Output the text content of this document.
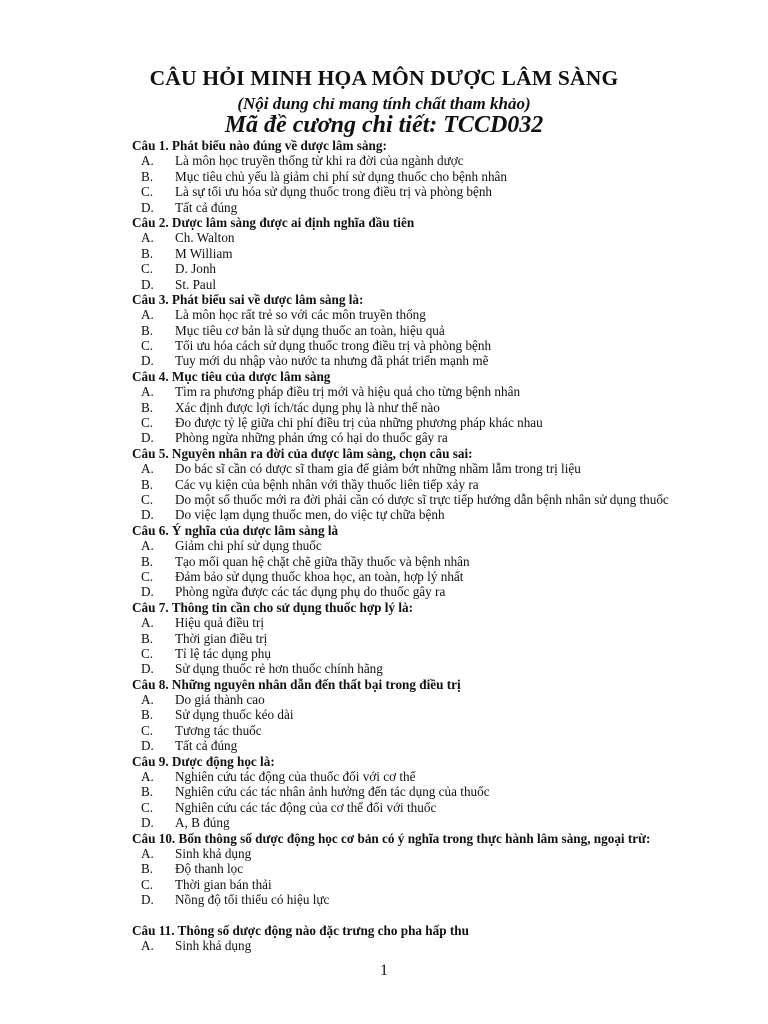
CÂU HỎI MINH HỌA MÔN DƯỢC LÂM SÀNG
(Nội dung chỉ mang tính chất tham khảo)
Mã đề cương chi tiết: TCCD032
Câu 1. Phát biểu nào đúng về dược lâm sàng:
A.	Là môn học truyền thống từ khi ra đời của ngành dược
B.	Mục tiêu chủ yếu là giảm chi phí sử dụng thuốc cho bệnh nhân
C.	Là sự tối ưu hóa sử dụng thuốc trong điều trị và phòng bệnh
D.	Tất cả đúng
Câu 2. Dược lâm sàng được ai định nghĩa đầu tiên
A.	Ch. Walton
B.	M William
C.	D. Jonh
D.	St. Paul
Câu 3. Phát biểu sai về dược lâm sàng là:
A.	Là môn học rất trẻ so với các môn truyền thống
B.	Mục tiêu cơ bản là sử dụng thuốc an toàn, hiệu quả
C.	Tối ưu hóa cách sử dụng thuốc trong điều trị và phòng bệnh
D.	Tuy mới du nhập vào nước ta nhưng đã phát triển mạnh mẽ
Câu 4. Mục tiêu của dược lâm sàng
A.	Tìm ra phương pháp điều trị mới và hiệu quả cho từng bệnh nhân
B.	Xác định được lợi ích/tác dụng phụ là như thế nào
C.	Đo được tỷ lệ giữa chi phí điều trị của những phương pháp khác nhau
D.	Phòng ngừa những phản ứng có hại do thuốc gây ra
Câu 5. Nguyên nhân ra đời của dược lâm sàng, chọn câu sai:
A.	Do bác sĩ cần có dược sĩ tham gia để giảm bớt những nhầm lẫm trong trị liệu
B.	Các vụ kiện của bệnh nhân với thầy thuốc liên tiếp xảy ra
C.	Do một số thuốc mới ra đời phải cần có dược sĩ trực tiếp hướng dẫn bệnh nhân sử dụng thuốc
D.	Do việc lạm dụng thuốc men, do việc tự chữa bệnh
Câu 6. Ý nghĩa của dược lâm sàng là
A.	Giảm chi phí sử dụng thuốc
B.	Tạo mối quan hệ chặt chẽ giữa thầy thuốc và bệnh nhân
C.	Đảm bảo sử dụng thuốc khoa học, an toàn, hợp lý nhất
D.	Phòng ngừa được các tác dụng phụ do thuốc gây ra
Câu 7. Thông tin cần cho sử dụng thuốc hợp lý là:
A.	Hiệu quả điều trị
B.	Thời gian điều trị
C.	Tỉ lệ tác dụng phụ
D.	Sử dụng thuốc rẻ hơn thuốc chính hãng
Câu 8. Những nguyên nhân dẫn đến thất bại trong điều trị
A.	Do giá thành cao
B.	Sử dụng thuốc kéo dài
C.	Tương tác thuốc
D.	Tất cả đúng
Câu 9. Dược động học là:
A.	Nghiên cứu tác động của thuốc đối với cơ thể
B.	Nghiên cứu các tác nhân ảnh hưởng đến tác dụng của thuốc
C.	Nghiên cứu các tác động của cơ thể đối với thuốc
D.	A, B đúng
Câu 10. Bốn thông số dược động học cơ bản có ý nghĩa trong thực hành lâm sàng, ngoại trừ:
A.	Sinh khả dụng
B.	Độ thanh lọc
C.	Thời gian bán thải
D.	Nồng độ tối thiểu có hiệu lực
Câu 11. Thông số dược động nào đặc trưng cho pha hấp thu
A.	Sinh khả dụng
1
